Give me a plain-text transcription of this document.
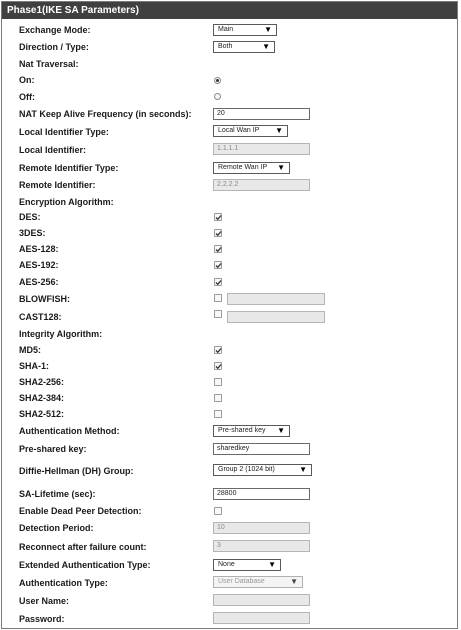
Phase1(IKE SA Parameters)
Exchange Mode:	Main	▼
Direction / Type:	Both	▼
Nat Traversal:
On:
Off:
NAT Keep Alive Frequency (in seconds):	20
Local Identifier Type:	Local Wan IP ▼
Local Identifier:	1.1.1.1
Remote Identifier Type:	Remote Wan IP ▼
Remote Identifier:	2.2.2.2
Encryption Algorithm:
DES:
3DES:
AES-128:
AES-192:
AES-256:
BLOWFISH:
CAST128:
Integrity Algorithm:
MD5:
SHA-1:
SHA2-256:
SHA2-384:
SHA2-512:
Authentication Method:	Pre-shared key ▼
Pre-shared key:	sharedkey
Diffie-Hellman (DH) Group:	Group 2 (1024 bit)	▼
SA-Lifetime (sec):	28800
Enable Dead Peer Detection:
Detection Period:	10
Reconnect after failure count:	3
Extended Authentication Type:	None	▼
Authentication Type:	User Database	▼
User Name:
Password:
